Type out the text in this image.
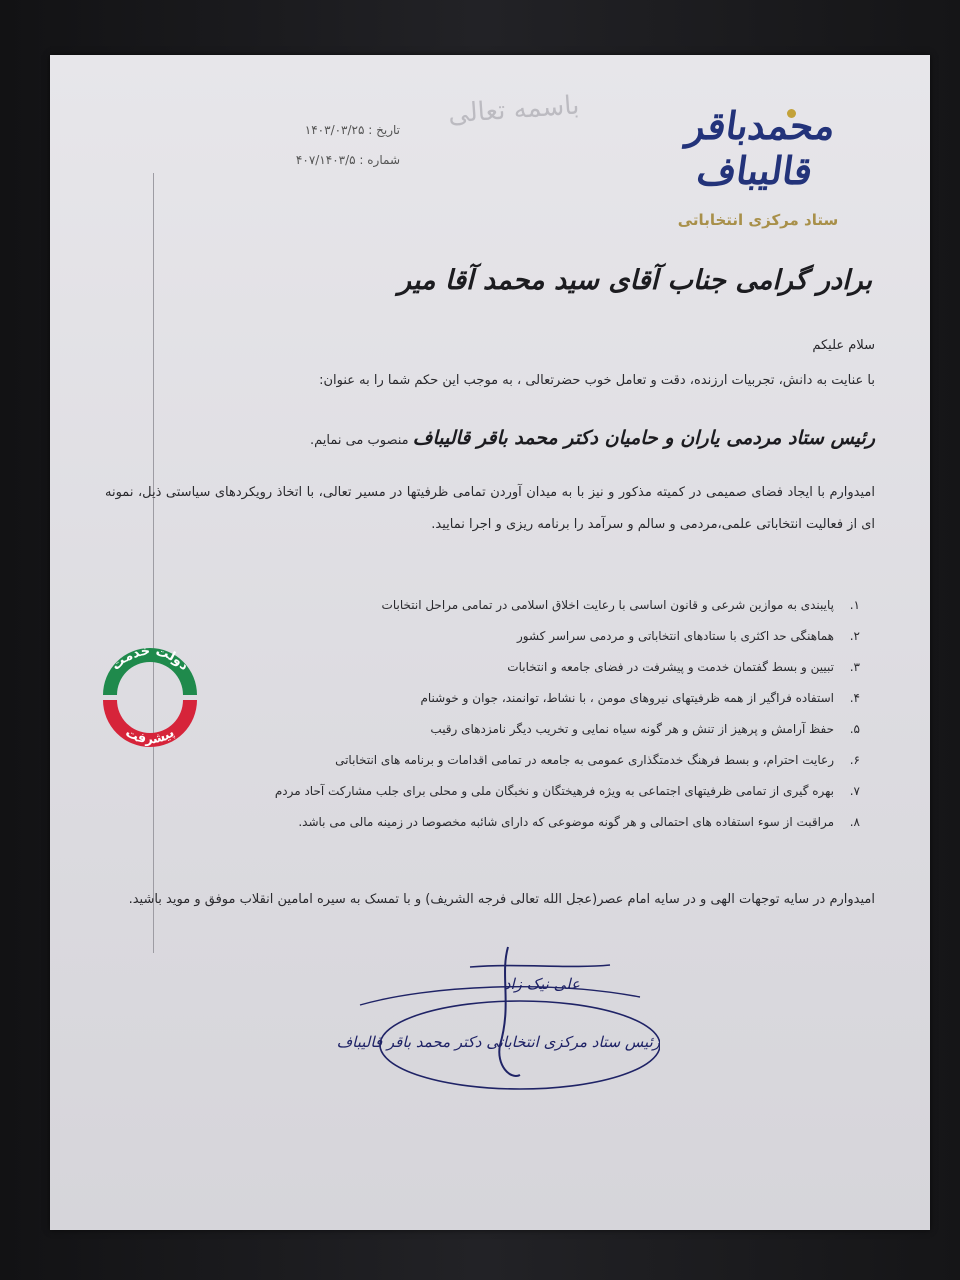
باسمه تعالی
تاریخ : ۱۴۰۳/۰۳/۲۵
شماره : ۴۰۷/۱۴۰۳/۵
محمدباقر قالیباف
ستاد مرکزی انتخاباتی
برادر گرامی جناب آقای سید محمد آقا میر
سلام علیکم
با عنایت به دانش، تجربیات ارزنده، دقت و تعامل خوب حضرتعالی ، به موجب این حکم شما را به عنوان:
رئیس ستاد مردمی یاران و حامیان دکتر محمد باقر قالیباف منصوب می نمایم.
امیدوارم با ایجاد فضای صمیمی در کمیته مذکور و نیز با به میدان آوردن تمامی ظرفیتها در مسیر تعالی، با اتخاذ رویکردهای سیاستی ذیل، نمونه ای از فعالیت انتخاباتی علمی،مردمی و سالم و سرآمد را برنامه ریزی و اجرا نمایید.
۱.
پایبندی به موازین شرعی و قانون اساسی با رعایت اخلاق اسلامی در تمامی مراحل انتخابات
۲.
هماهنگی حد اکثری با ستادهای انتخاباتی و مردمی سراسر کشور
۳.
تبیین و بسط گفتمان خدمت و پیشرفت در فضای جامعه و انتخابات
۴.
استفاده فراگیر از همه ظرفیتهای نیروهای مومن ، با نشاط، توانمند، جوان و خوشنام
۵.
حفظ آرامش و پرهیز از تنش و هر گونه سیاه نمایی و تخریب دیگر نامزدهای رقیب
۶.
رعایت احترام، و بسط فرهنگ خدمتگذاری عمومی به جامعه در تمامی اقدامات و برنامه های انتخاباتی
۷.
بهره گیری از تمامی ظرفیتهای اجتماعی به ویژه فرهیختگان و نخبگان ملی و محلی برای جلب مشارکت آحاد مردم
۸.
مراقبت از سوء استفاده های احتمالی و هر گونه موضوعی که دارای شائبه مخصوصا در زمینه مالی می باشد.
امیدوارم در سایه توجهات الهی و در سایه امام عصر(عجل الله تعالی فرجه الشریف) و با تمسک به سیره امامین انقلاب موفق و موید باشید.
علی نیک زاد
رئیس ستاد مرکزی انتخاباتی دکتر محمد باقر قالیباف
دولت خدمت
پیشرفت
